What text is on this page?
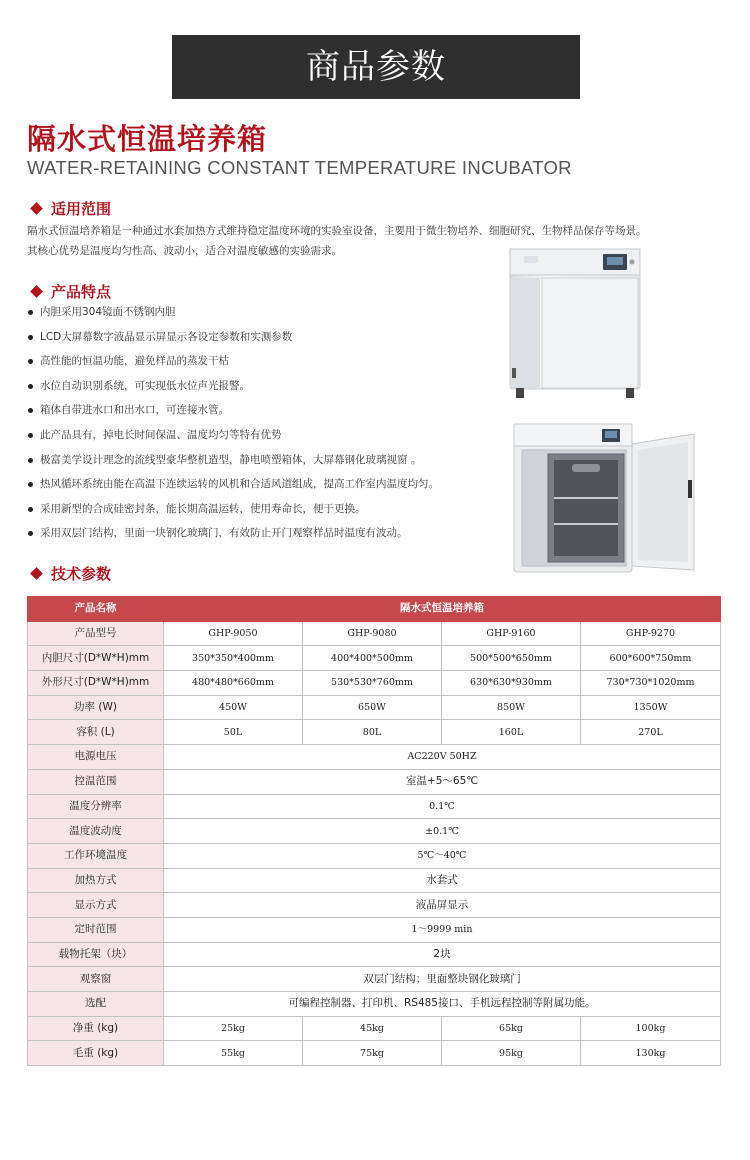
商品参数
隔水式恒温培养箱
WATER-RETAINING CONSTANT TEMPERATURE INCUBATOR
适用范围
隔水式恒温培养箱是一种通过水套加热方式维持稳定温度环境的实验室设备，主要用于微生物培养、细胞研究、生物样品保存等场景。
其核心优势是温度均匀性高、波动小，适合对温度敏感的实验需求。
产品特点
内胆采用304镜面不锈钢内胆
LCD大屏幕数字液晶显示屏显示各设定参数和实测参数
高性能的恒温功能，避免样品的蒸发干枯
水位自动识别系统，可实现低水位声光报警。
箱体自带进水口和出水口，可连接水管。
此产品具有，掉电长时间保温、温度均匀等特有优势
极富美学设计理念的流线型豪华整机造型，静电喷塑箱体，大屏幕钢化玻璃视窗 。
热风循环系统由能在高温下连续运转的风机和合适风道组成，提高工作室内温度均匀。
采用新型的合成硅密封条，能长期高温运转，使用寿命长，便于更换。
采用双层门结构，里面一块钢化玻璃门，有效防止开门观察样品时温度有波动。
技术参数
产品名称	隔水式恒温培养箱			
产品型号	GHP-9050	GHP-9080	GHP-9160	GHP-9270
内胆尺寸(D*W*H)mm	350*350*400mm	400*400*500mm	500*500*650mm	600*600*750mm
外形尺寸(D*W*H)mm	480*480*660mm	530*530*760mm	630*630*930mm	730*730*1020mm
功率 (W)	450W	650W	850W	1350W
容积 (L)	50L	80L	160L	270L
电源电压	AC220V 50HZ			
控温范围	室温+5～65℃			
温度分辨率	0.1℃			
温度波动度	±0.1℃			
工作环境温度	5℃～40℃			
加热方式	水套式			
显示方式	液晶屏显示			
定时范围	1～9999 min			
载物托架（块）	2块			
观察窗	双层门结构；里面整块钢化玻璃门			
选配	可编程控制器、打印机、RS485接口、手机远程控制等附属功能。			
净重 (kg)	25kg	45kg	65kg	100kg
毛重 (kg)	55kg	75kg	95kg	130kg
